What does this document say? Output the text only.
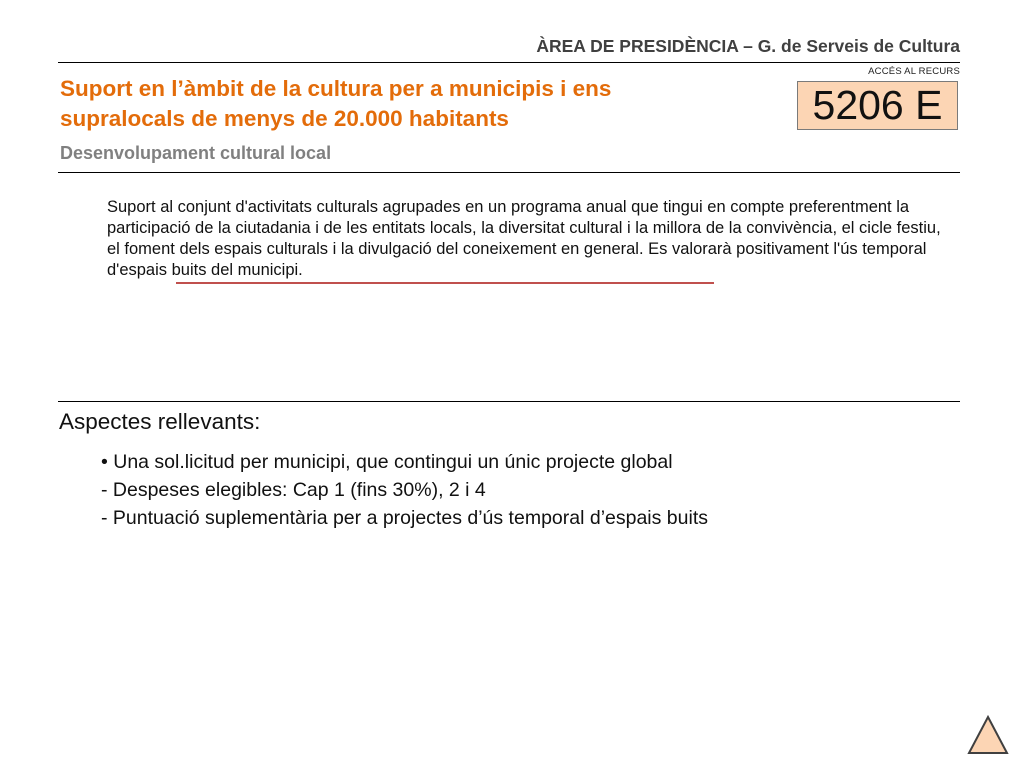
ÀREA DE PRESIDÈNCIA – G. de Serveis de Cultura
ACCÉS AL RECURS
5206 E
Suport en l’àmbit de la cultura per a municipis i ens
supralocals de menys de 20.000 habitants
Desenvolupament cultural local
Suport al conjunt d'activitats culturals agrupades en un programa anual que tingui en compte preferentment la participació de la ciutadania i de les entitats locals, la diversitat cultural i la millora de la convivència, el cicle festiu, el foment dels espais culturals i la divulgació del coneixement en general. Es valorarà positivament l'ús temporal d'espais buits del municipi.
Aspectes rellevants:
• Una sol.licitud per municipi, que contingui un únic projecte global
- Despeses elegibles: Cap 1 (fins 30%), 2 i 4
- Puntuació suplementària per a projectes d’ús temporal d’espais buits
